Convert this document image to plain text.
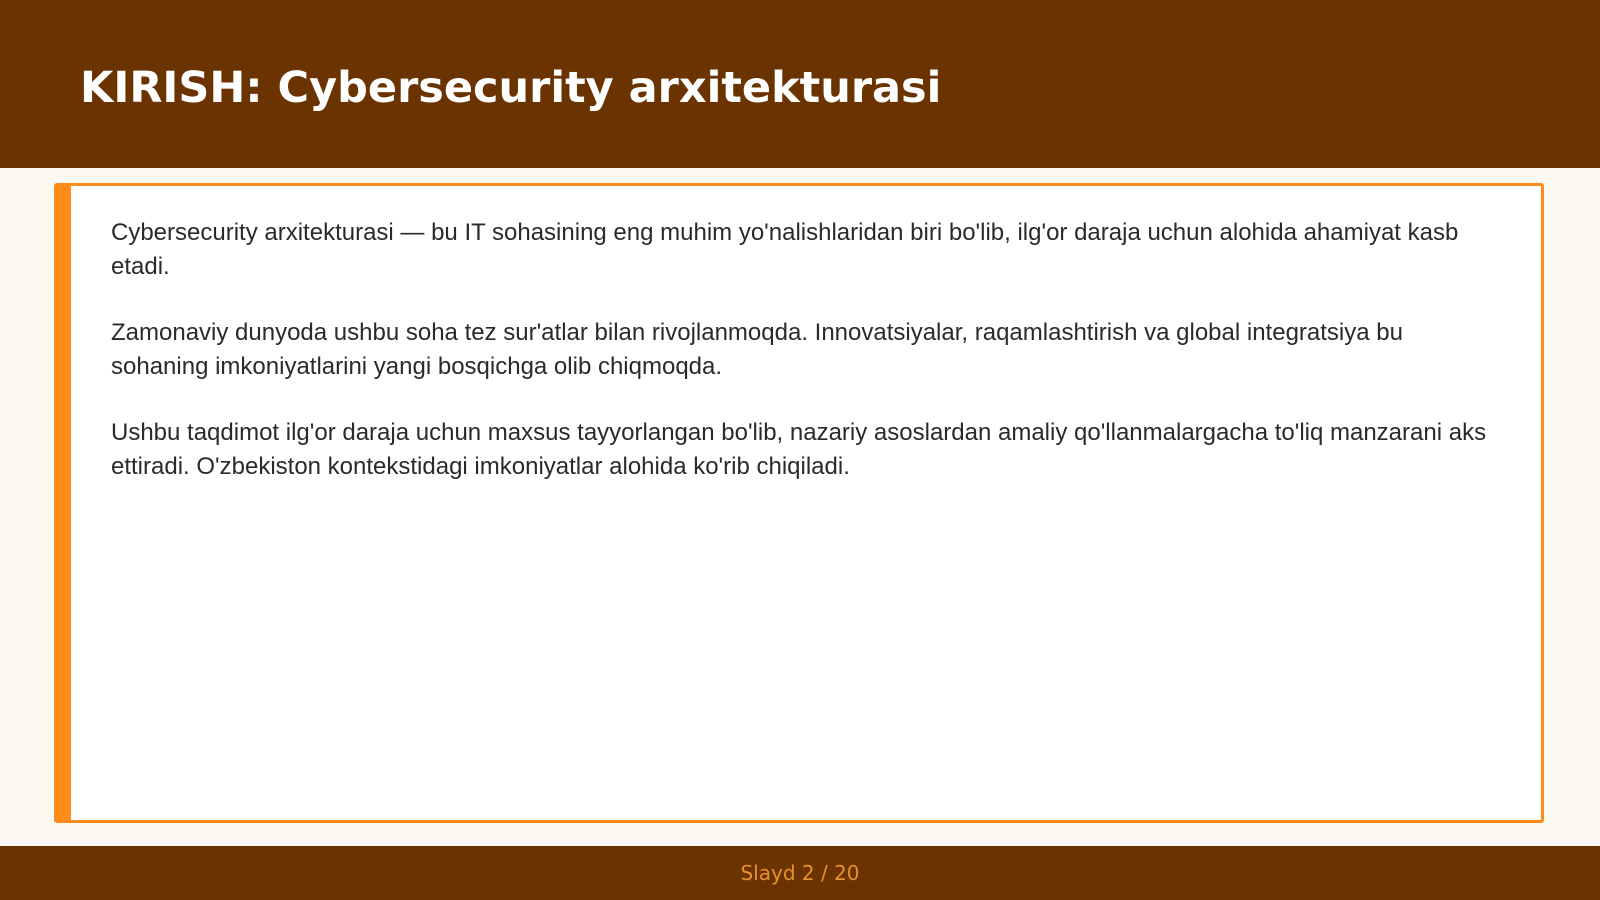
KIRISH: Cybersecurity arxitekturasi

Cybersecurity arxitekturasi — bu IT sohasining eng muhim yo'nalishlaridan biri bo'lib, ilg'or daraja uchun alohida ahamiyat kasb etadi.

Zamonaviy dunyoda ushbu soha tez sur'atlar bilan rivojlanmoqda. Innovatsiyalar, raqamlashtirish va global integratsiya bu sohaning imkoniyatlarini yangi bosqichga olib chiqmoqda.

Ushbu taqdimot ilg'or daraja uchun maxsus tayyorlangan bo'lib, nazariy asoslardan amaliy qo'llanmalargacha to'liq manzarani aks ettiradi. O'zbekiston kontekstidagi imkoniyatlar alohida ko'rib chiqiladi.

Slayd 2 / 20
